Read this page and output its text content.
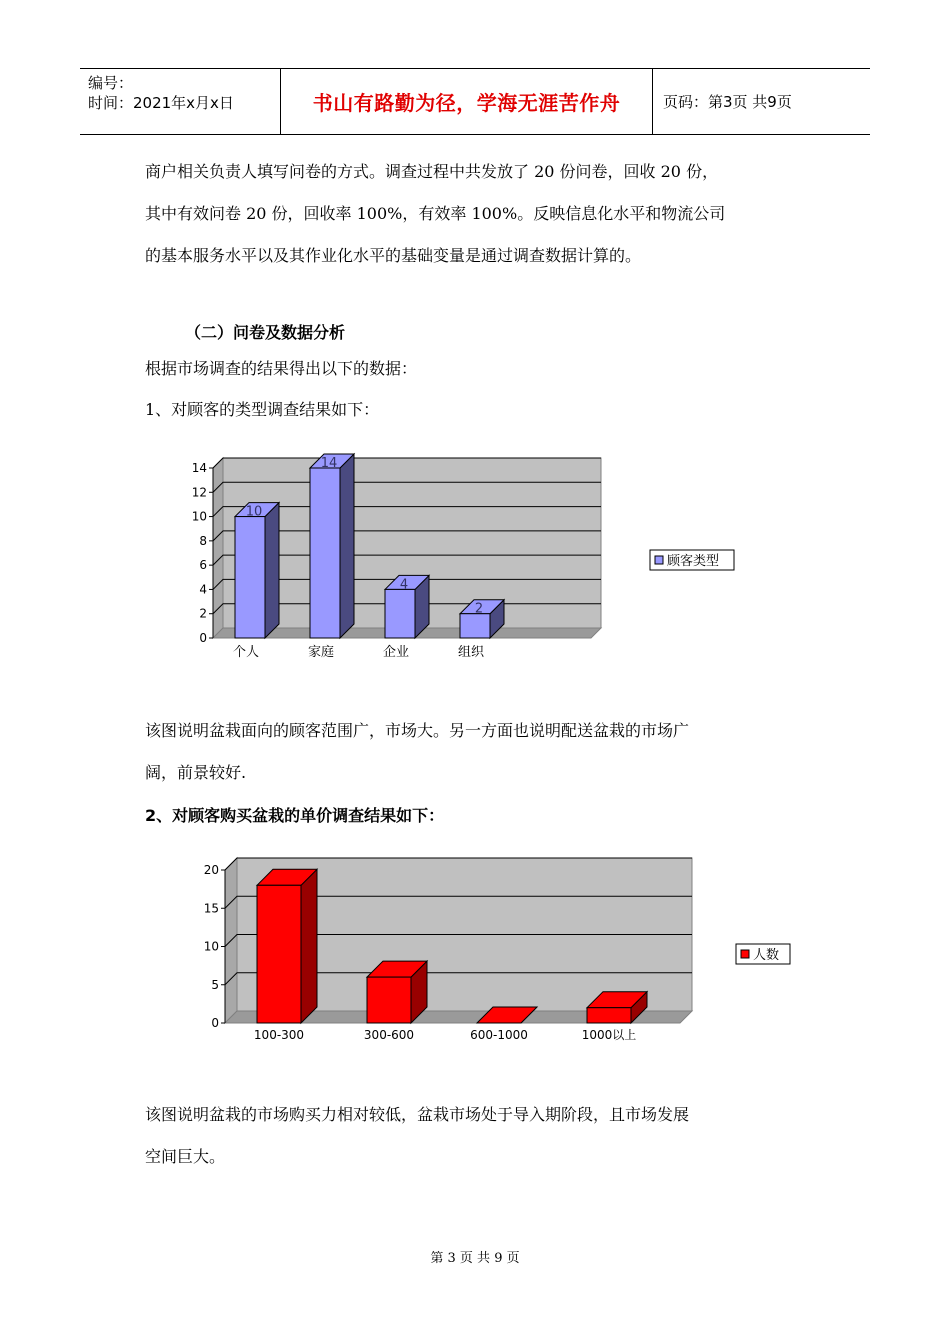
编号：
时间：2021年x月x日	书山有路勤为径，学海无涯苦作舟	页码：第3页 共9页

商户相关负责人填写问卷的方式。调查过程中共发放了 20 份问卷，回收 20 份，

其中有效问卷 20 份，回收率 100%，有效率 100%。反映信息化水平和物流公司

的基本服务水平以及其作业化水平的基础变量是通过调查数据计算的。

（二）问卷及数据分析

根据市场调查的结果得出以下的数据：

1、对顾客的类型调查结果如下：

0
2
4
6
8
10
12
14
10
个人
14
家庭
4
企业
2
组织
顾客类型

该图说明盆栽面向的顾客范围广，市场大。另一方面也说明配送盆栽的市场广

阔，前景较好.

2、对顾客购买盆栽的单价调查结果如下：

0
5
10
15
20
100-300	300-600	600-1000	1000以上
人数

该图说明盆栽的市场购买力相对较低，盆栽市场处于导入期阶段，且市场发展

空间巨大。

第 3 页 共 9 页
